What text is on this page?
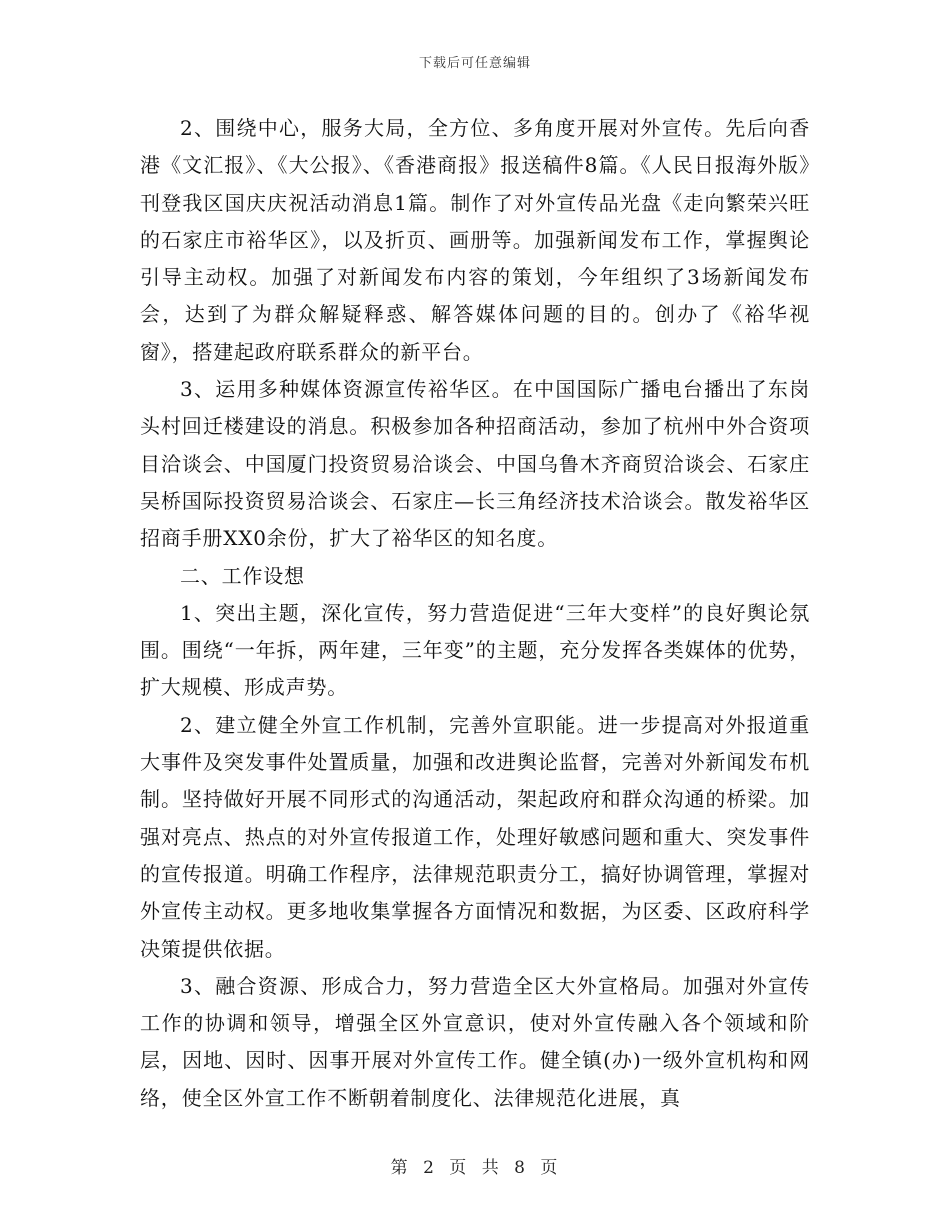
下载后可任意编辑

2、围绕中心，服务大局，全方位、多角度开展对外宣传。先后向香港《文汇报》、《大公报》、《香港商报》报送稿件8篇。《人民日报海外版》刊登我区国庆庆祝活动消息1篇。制作了对外宣传品光盘《走向繁荣兴旺的石家庄市裕华区》，以及折页、画册等。加强新闻发布工作，掌握舆论引导主动权。加强了对新闻发布内容的策划，今年组织了3场新闻发布会，达到了为群众解疑释惑、解答媒体问题的目的。创办了《裕华视窗》，搭建起政府联系群众的新平台。

3、运用多种媒体资源宣传裕华区。在中国国际广播电台播出了东岗头村回迁楼建设的消息。积极参加各种招商活动，参加了杭州中外合资项目洽谈会、中国厦门投资贸易洽谈会、中国乌鲁木齐商贸洽谈会、石家庄吴桥国际投资贸易洽谈会、石家庄—长三角经济技术洽谈会。散发裕华区招商手册XX0余份，扩大了裕华区的知名度。

二、工作设想

1、突出主题，深化宣传，努力营造促进“三年大变样”的良好舆论氛围。围绕“一年拆，两年建，三年变”的主题，充分发挥各类媒体的优势，扩大规模、形成声势。

2、建立健全外宣工作机制，完善外宣职能。进一步提高对外报道重大事件及突发事件处置质量，加强和改进舆论监督，完善对外新闻发布机制。坚持做好开展不同形式的沟通活动，架起政府和群众沟通的桥梁。加强对亮点、热点的对外宣传报道工作，处理好敏感问题和重大、突发事件的宣传报道。明确工作程序，法律规范职责分工，搞好协调管理，掌握对外宣传主动权。更多地收集掌握各方面情况和数据，为区委、区政府科学决策提供依据。

3、融合资源、形成合力，努力营造全区大外宣格局。加强对外宣传工作的协调和领导，增强全区外宣意识，使对外宣传融入各个领域和阶层，因地、因时、因事开展对外宣传工作。健全镇(办)一级外宣机构和网络，使全区外宣工作不断朝着制度化、法律规范化进展，真

第 2 页 共 8 页
